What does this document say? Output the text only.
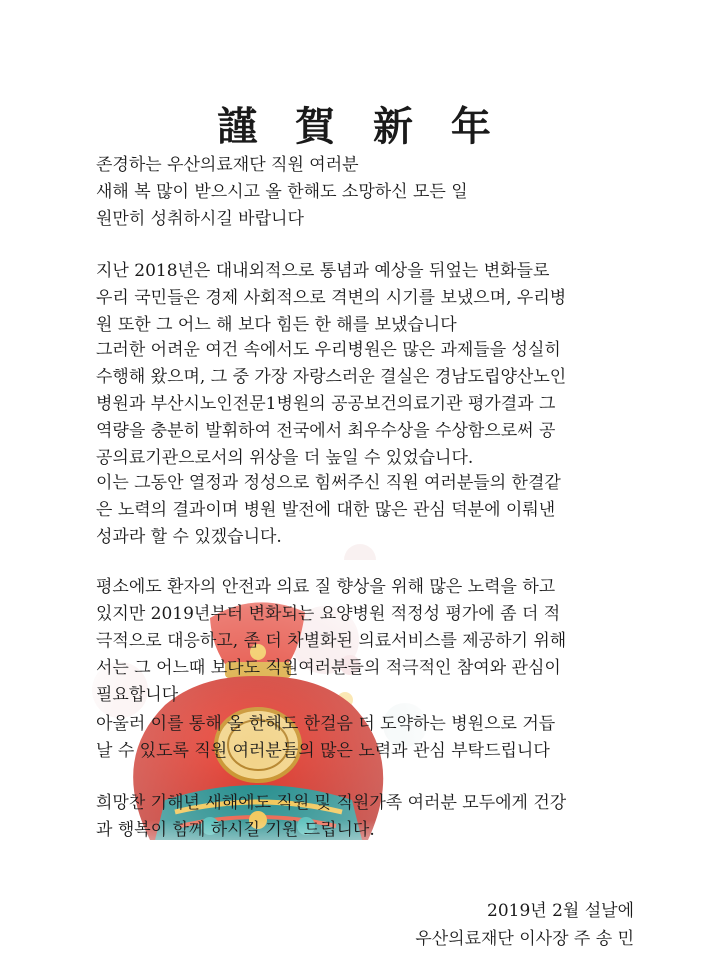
謹 賀 新 年

존경하는 우산의료재단 직원 여러분
새해 복 많이 받으시고 올 한해도 소망하신 모든 일
원만히 성취하시길 바랍니다

지난 2018년은 대내외적으로 통념과 예상을 뒤엎는 변화들로
우리 국민들은 경제 사회적으로 격변의 시기를 보냈으며, 우리병
원 또한 그 어느 해 보다 힘든 한 해를 보냈습니다

그러한 어려운 여건 속에서도 우리병원은 많은 과제들을 성실히
수행해 왔으며, 그 중 가장 자랑스러운 결실은 경남도립양산노인
병원과 부산시노인전문1병원의 공공보건의료기관 평가결과 그
역량을 충분히 발휘하여 전국에서 최우수상을 수상함으로써 공
공의료기관으로서의 위상을 더 높일 수 있었습니다.

이는 그동안 열정과 정성으로 힘써주신 직원 여러분들의 한결같
은 노력의 결과이며 병원 발전에 대한 많은 관심 덕분에 이뤄낸
성과라 할 수 있겠습니다.

평소에도 환자의 안전과 의료 질 향상을 위해 많은 노력을 하고
있지만 2019년부터 변화되는 요양병원 적정성 평가에 좀 더 적
극적으로 대응하고, 좀 더 차별화된 의료서비스를 제공하기 위해
서는 그 어느때 보다도 직원여러분들의 적극적인 참여와 관심이
필요합니다

아울러 이를 통해 올 한해도 한걸음 더 도약하는 병원으로 거듭
날 수 있도록 직원 여러분들의 많은 노력과 관심 부탁드립니다

희망찬 기해년 새해에도 직원 및 직원가족 여러분 모두에게 건강
과 행복이 함께 하시길 기원 드립니다.

2019년 2월 설날에
우산의료재단 이사장 주 송 민
